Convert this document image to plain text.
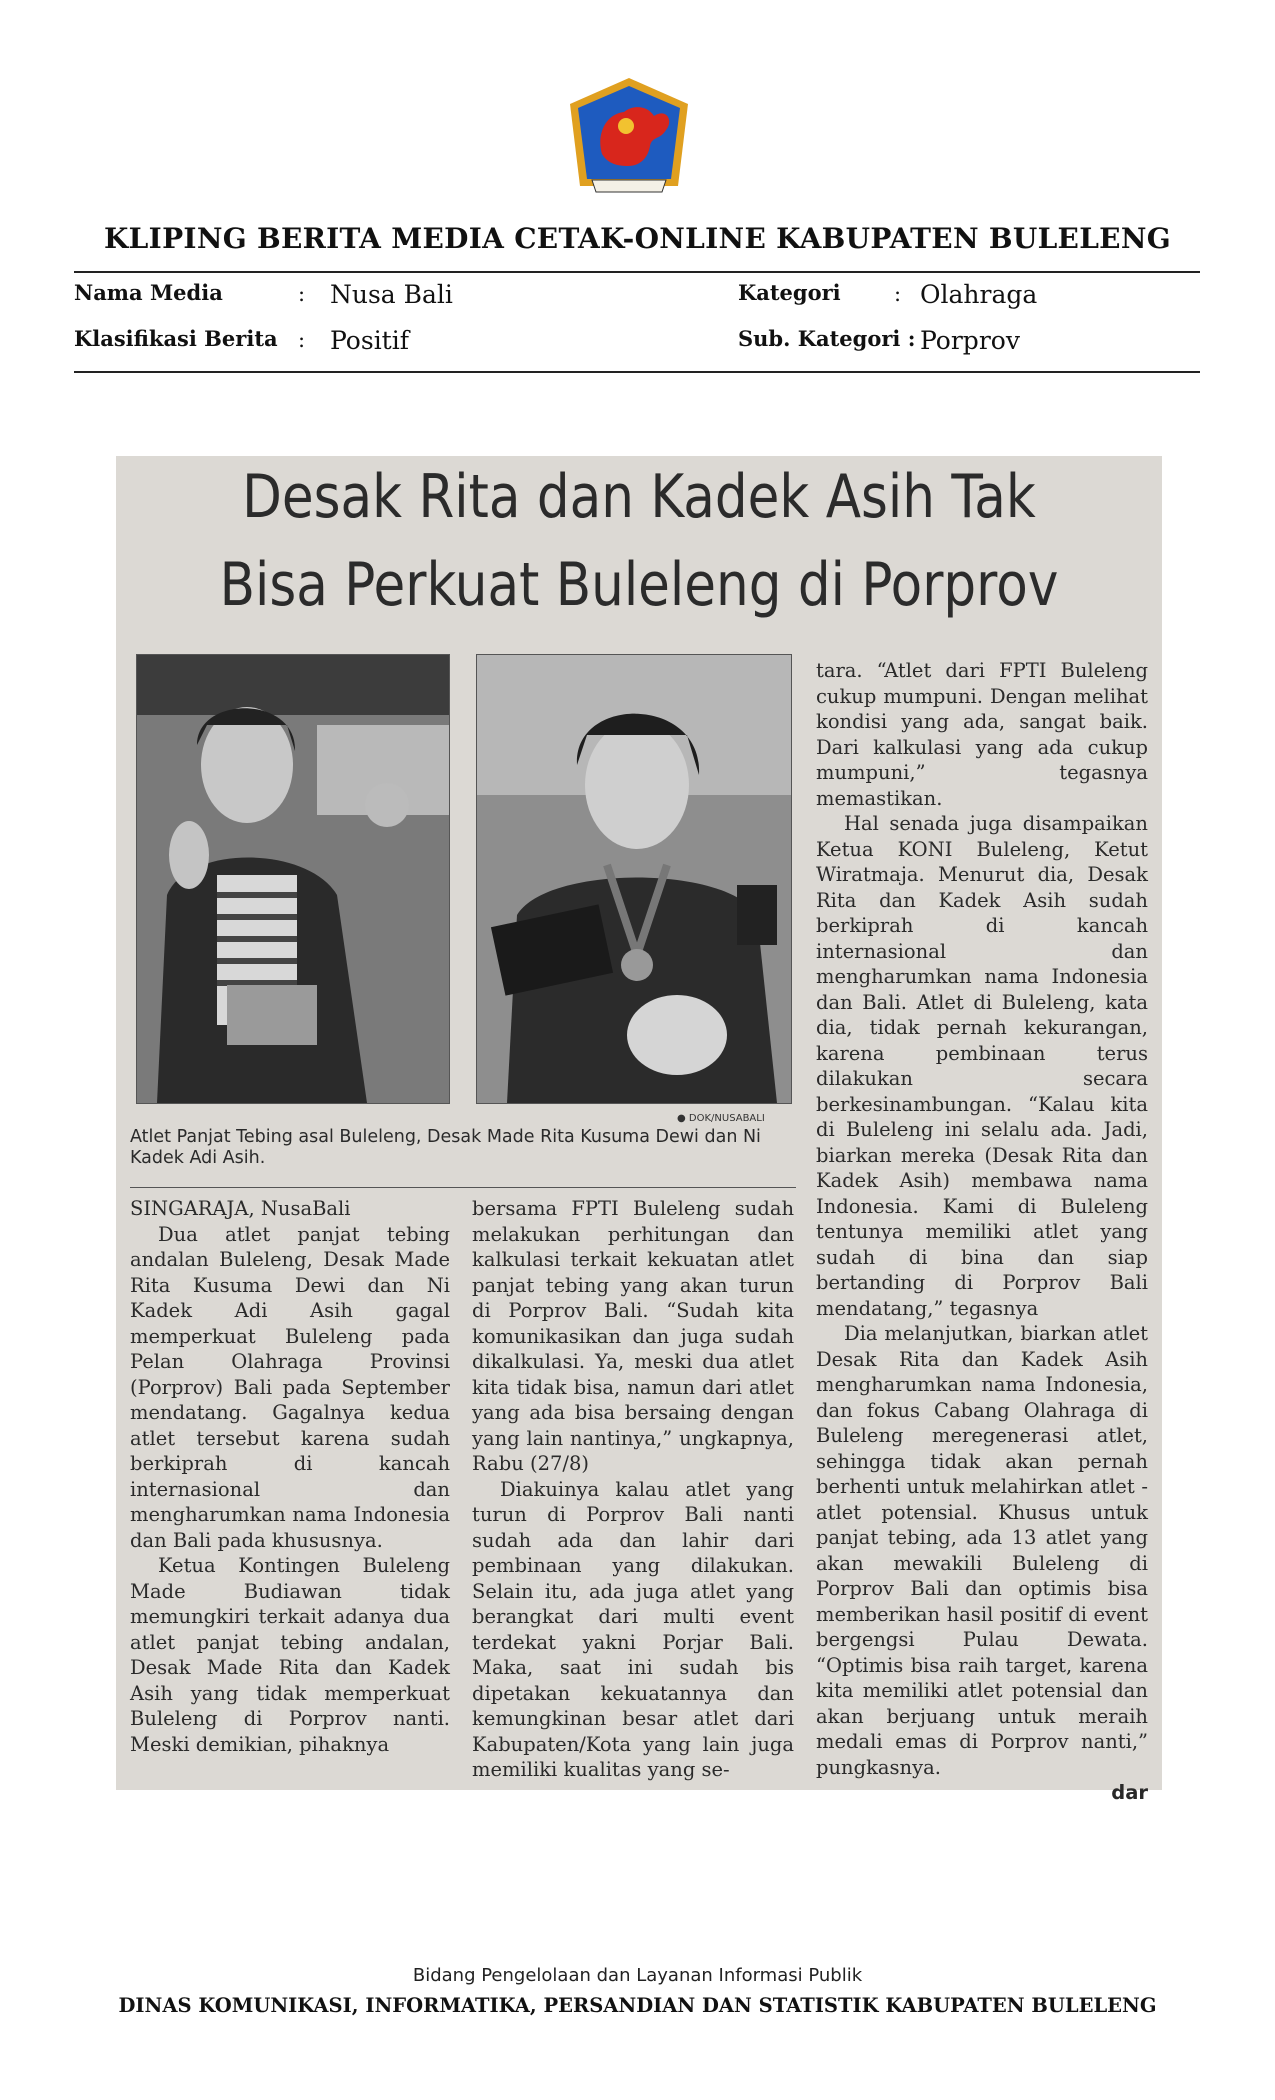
KLIPING BERITA MEDIA CETAK-ONLINE KABUPATEN BULELENG
Nama Media	: Nusa Bali	Kategori	: Olahraga
Klasifikasi Berita : Positif	Sub. Kategori : Porprov
Desak Rita dan Kadek Asih Tak
Bisa Perkuat Buleleng di Porprov
● DOK/NUSABALI
Atlet Panjat Tebing asal Buleleng, Desak Made Rita Kusuma Dewi dan Ni Kadek Adi Asih.

SINGARAJA, NusaBali

Dua atlet panjat tebing andalan Buleleng, Desak Made Rita Kusuma Dewi dan Ni Kadek Adi Asih gagal memperkuat Buleleng pada Pelan Olahraga Provinsi (Porprov) Bali pada September mendatang. Gagalnya kedua atlet tersebut karena sudah berkiprah di kancah internasional dan mengharumkan nama Indonesia dan Bali pada khususnya.

Ketua Kontingen Buleleng Made Budiawan tidak memungkiri terkait adanya dua atlet panjat tebing andalan, Desak Made Rita dan Kadek Asih yang tidak memperkuat Buleleng di Porprov nanti. Meski demikian, pihaknya

bersama FPTI Buleleng sudah melakukan perhitungan dan kalkulasi terkait kekuatan atlet panjat tebing yang akan turun di Porprov Bali. “Sudah kita komunikasikan dan juga sudah dikalkulasi. Ya, meski dua atlet kita tidak bisa, namun dari atlet yang ada bisa bersaing dengan yang lain nantinya,” ungkapnya, Rabu (27/8)

Diakuinya kalau atlet yang turun di Porprov Bali nanti sudah ada dan lahir dari pembinaan yang dilakukan. Selain itu, ada juga atlet yang berangkat dari multi event terdekat yakni Porjar Bali. Maka, saat ini sudah bis dipetakan kekuatannya dan kemungkinan besar atlet dari Kabupaten/Kota yang lain juga memiliki kualitas yang se-

tara. “Atlet dari FPTI Buleleng cukup mumpuni. Dengan melihat kondisi yang ada, sangat baik. Dari kalkulasi yang ada cukup mumpuni,” tegasnya memastikan.

Hal senada juga disampaikan Ketua KONI Buleleng, Ketut Wiratmaja. Menurut dia, Desak Rita dan Kadek Asih sudah berkiprah di kancah internasional dan mengharumkan nama Indonesia dan Bali. Atlet di Buleleng, kata dia, tidak pernah kekurangan, karena pembinaan terus dilakukan secara berkesinambungan. “Kalau kita di Buleleng ini selalu ada. Jadi, biarkan mereka (Desak Rita dan Kadek Asih) membawa nama Indonesia. Kami di Buleleng tentunya memiliki atlet yang sudah di bina dan siap bertanding di Porprov Bali mendatang,” tegasnya

Dia melanjutkan, biarkan atlet Desak Rita dan Kadek Asih mengharumkan nama Indonesia, dan fokus Cabang Olahraga di Buleleng meregenerasi atlet, sehingga tidak akan pernah berhenti untuk melahirkan atlet - atlet potensial. Khusus untuk panjat tebing, ada 13 atlet yang akan mewakili Buleleng di Porprov Bali dan optimis bisa memberikan hasil positif di event bergengsi Pulau Dewata. “Optimis bisa raih target, karena kita memiliki atlet potensial dan akan berjuang untuk meraih medali emas di Porprov nanti,” pungkasnya.

dar

Bidang Pengelolaan dan Layanan Informasi Publik
DINAS KOMUNIKASI, INFORMATIKA, PERSANDIAN DAN STATISTIK KABUPATEN BULELENG
